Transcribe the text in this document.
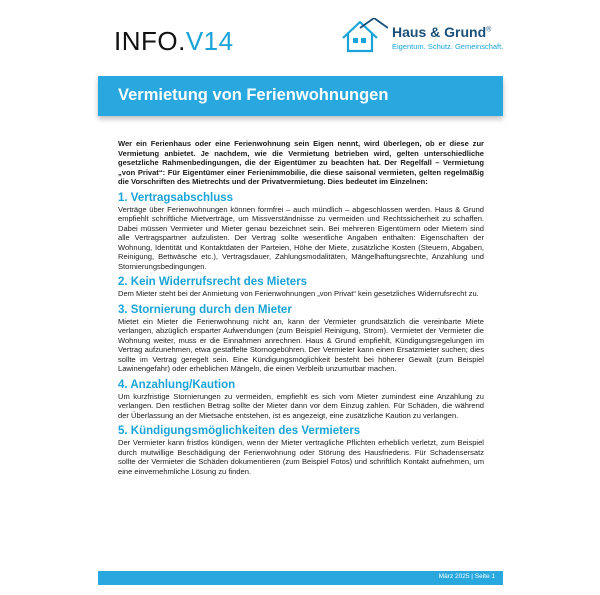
INFO.V14	Haus & Grund®
Eigentum. Schutz. Gemeinschaft.
Vermietung von Ferienwohnungen

Wer ein Ferienhaus oder eine Ferienwohnung sein Eigen nennt, wird überlegen, ob er diese zur Vermietung anbietet. Je nachdem, wie die Vermietung betrieben wird, gelten unterschiedliche gesetzliche Rahmenbedingungen, die der Eigentümer zu beachten hat. Der Regelfall – Vermietung „von Privat“: Für Eigentümer einer Ferienimmobilie, die diese saisonal vermieten, gelten regelmäßig die Vorschriften des Mietrechts und der Privatvermietung. Dies bedeutet im Einzelnen:

1. Vertragsabschluss

Verträge über Ferienwohnungen können formfrei – auch mündlich – abgeschlossen werden. Haus & Grund empfiehlt schriftliche Mietverträge, um Missverständnisse zu vermeiden und Rechtssicherheit zu schaffen. Dabei müssen Vermieter und Mieter genau bezeichnet sein. Bei mehreren Eigentümern oder Mietern sind alle Vertragspartner aufzulisten. Der Vertrag sollte wesentliche Angaben enthalten: Eigenschaften der Wohnung, Identität und Kontaktdaten der Parteien, Höhe der Miete, zusätzliche Kosten (Steuern, Abgaben, Reinigung, Bettwäsche etc.), Vertragsdauer, Zahlungsmodalitäten, Mängelhaftungsrechte, Anzahlung und Stornierungsbedingungen.

2. Kein Widerrufsrecht des Mieters

Dem Mieter steht bei der Anmietung von Ferienwohnungen „von Privat“ kein gesetzliches Widerrufsrecht zu.

3. Stornierung durch den Mieter

Mietet ein Mieter die Ferienwohnung nicht an, kann der Vermieter grundsätzlich die vereinbarte Miete verlangen, abzüglich ersparter Aufwendungen (zum Beispiel Reinigung, Strom). Vermietet der Vermieter die Wohnung weiter, muss er die Einnahmen anrechnen. Haus & Grund empfiehlt, Kündigungsregelungen im Vertrag aufzunehmen, etwa gestaffelte Stornogebühren. Der Vermieter kann einen Ersatzmieter suchen; dies sollte im Vertrag geregelt sein. Eine Kündigungsmöglichkeit besteht bei höherer Gewalt (zum Beispiel Lawinengefahr) oder erheblichen Mängeln, die einen Verbleib unzumutbar machen.

4. Anzahlung/Kaution

Um kurzfristige Stornierungen zu vermeiden, empfiehlt es sich vom Mieter zumindest eine Anzahlung zu verlangen. Den restlichen Betrag sollte der Mieter dann vor dem Einzug zahlen. Für Schäden, die während der Überlassung an der Mietsache entstehen, ist es angezeigt, eine zusätzliche Kaution zu verlangen.

5. Kündigungsmöglichkeiten des Vermieters

Der Vermieter kann fristlos kündigen, wenn der Mieter vertragliche Pflichten erheblich verletzt, zum Beispiel durch mutwillige Beschädigung der Ferienwohnung oder Störung des Hausfriedens. Für Schadensersatz sollte der Vermieter die Schäden dokumentieren (zum Beispiel Fotos) und schriftlich Kontakt aufnehmen, um eine einvernehmliche Lösung zu finden.

März 2025 | Seite 1
